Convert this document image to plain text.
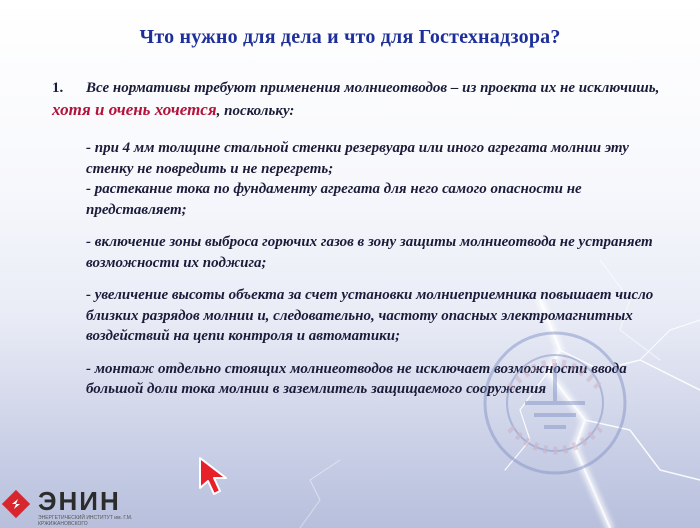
Что нужно для дела и что для Гостехнадзора?
1. Все нормативы требуют применения молниеотводов – из проекта их не исключишь, хотя и очень хочется, поскольку:

- при 4 мм толщине стальной стенки резервуара или иного агрегата молнии эту стенку не повредить и не перегреть;

- растекание тока по фундаменту агрегата для него самого опасности не представляет;

- включение зоны выброса горючих газов в зону защиты молниеотвода не устраняет возможности их поджига;

- увеличение высоты объекта за счет установки молниеприемника повышает число близких разрядов молнии и, следовательно, частоту опасных электромагнитных воздействий на цепи контроля и автоматики;

- монтаж отдельно стоящих молниеотводов не исключает возможности ввода большой доли тока молнии в заземлитель защищаемого сооружения

ЭНИН
ЭНЕРГЕТИЧЕСКИЙ ИНСТИТУТ им. Г.М. КРЖИЖАНОВСКОГО
